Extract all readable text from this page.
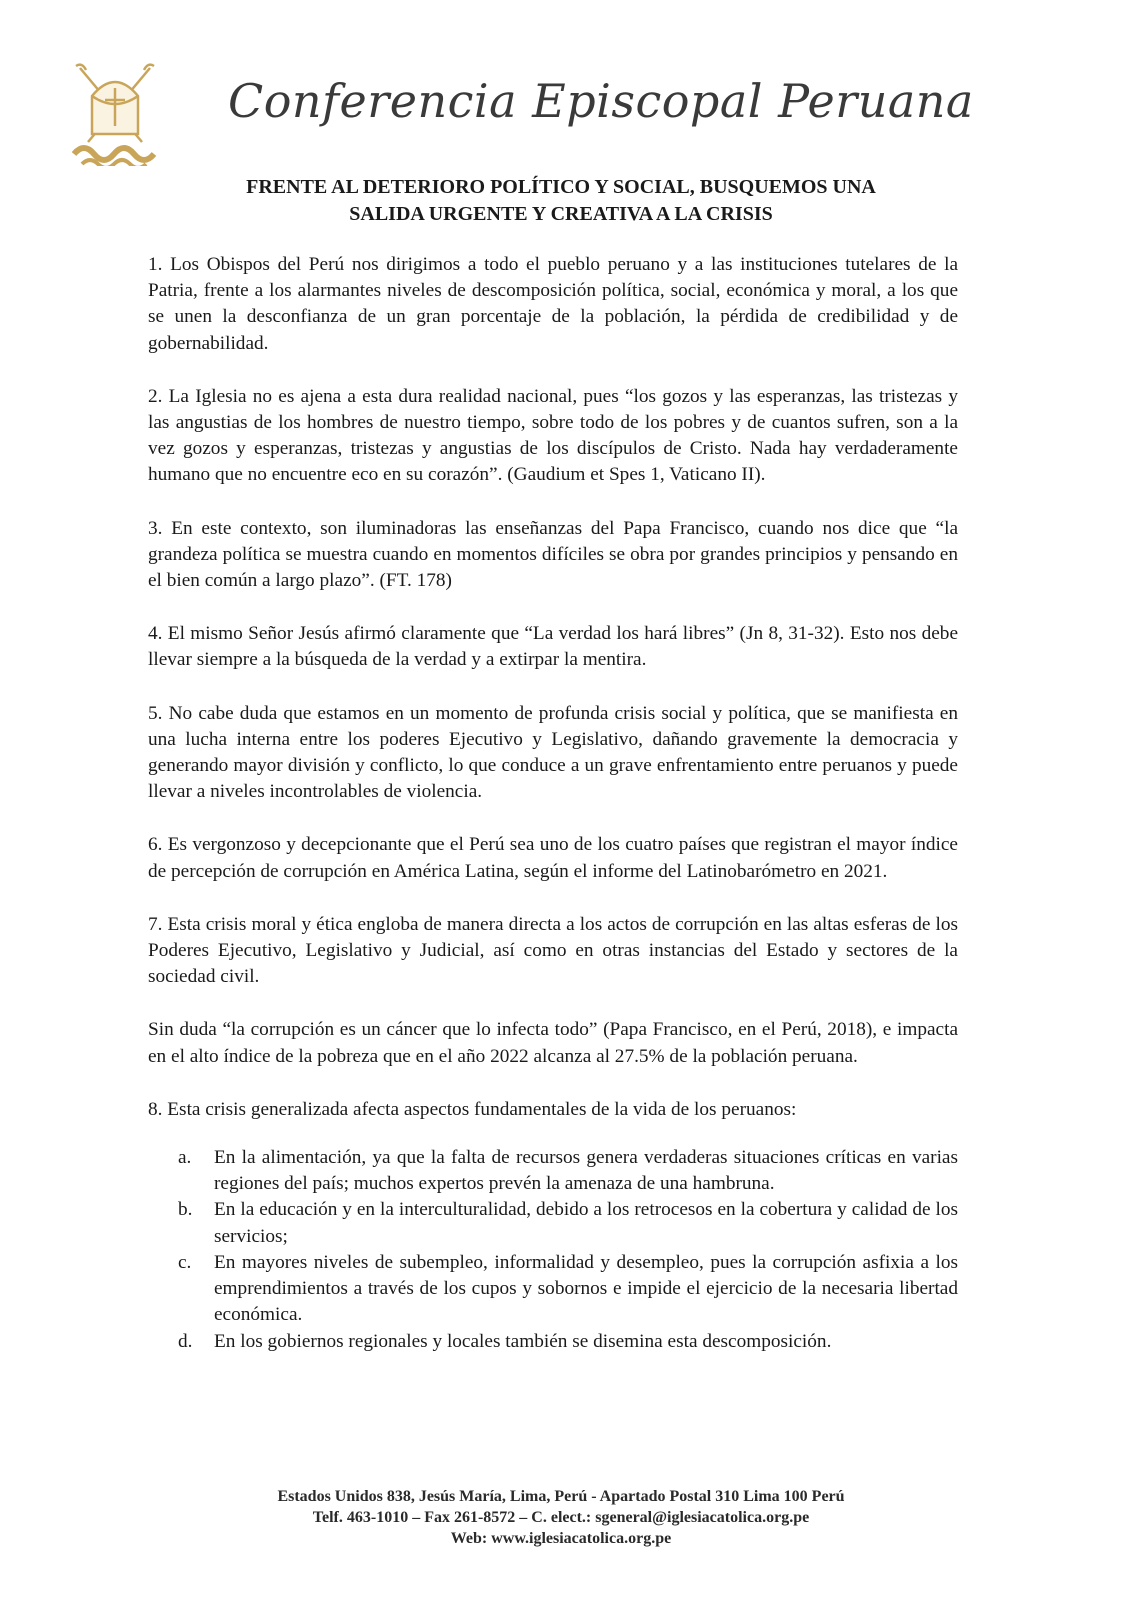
Conferencia Episcopal Peruana
FRENTE AL DETERIORO POLÍTICO Y SOCIAL, BUSQUEMOS UNA
SALIDA URGENTE Y CREATIVA A LA CRISIS

1. Los Obispos del Perú nos dirigimos a todo el pueblo peruano y a las instituciones tutelares de la Patria, frente a los alarmantes niveles de descomposición política, social, económica y moral, a los que se unen la desconfianza de un gran porcentaje de la población, la pérdida de credibilidad y de gobernabilidad.

2. La Iglesia no es ajena a esta dura realidad nacional, pues “los gozos y las esperanzas, las tristezas y las angustias de los hombres de nuestro tiempo, sobre todo de los pobres y de cuantos sufren, son a la vez gozos y esperanzas, tristezas y angustias de los discípulos de Cristo. Nada hay verdaderamente humano que no encuentre eco en su corazón”. (Gaudium et Spes 1, Vaticano II).

3. En este contexto, son iluminadoras las enseñanzas del Papa Francisco, cuando nos dice que “la grandeza política se muestra cuando en momentos difíciles se obra por grandes principios y pensando en el bien común a largo plazo”. (FT. 178)

4. El mismo Señor Jesús afirmó claramente que “La verdad los hará libres” (Jn 8, 31-32). Esto nos debe llevar siempre a la búsqueda de la verdad y a extirpar la mentira.

5. No cabe duda que estamos en un momento de profunda crisis social y política, que se manifiesta en una lucha interna entre los poderes Ejecutivo y Legislativo, dañando gravemente la democracia y generando mayor división y conflicto, lo que conduce a un grave enfrentamiento entre peruanos y puede llevar a niveles incontrolables de violencia.

6. Es vergonzoso y decepcionante que el Perú sea uno de los cuatro países que registran el mayor índice de percepción de corrupción en América Latina, según el informe del Latinobarómetro en 2021.

7. Esta crisis moral y ética engloba de manera directa a los actos de corrupción en las altas esferas de los Poderes Ejecutivo, Legislativo y Judicial, así como en otras instancias del Estado y sectores de la sociedad civil.

Sin duda “la corrupción es un cáncer que lo infecta todo” (Papa Francisco, en el Perú, 2018), e impacta en el alto índice de la pobreza que en el año 2022 alcanza al 27.5% de la población peruana.

8. Esta crisis generalizada afecta aspectos fundamentales de la vida de los peruanos:

a. En la alimentación, ya que la falta de recursos genera verdaderas situaciones críticas en varias regiones del país; muchos expertos prevén la amenaza de una hambruna.
b. En la educación y en la interculturalidad, debido a los retrocesos en la cobertura y calidad de los servicios;
c. En mayores niveles de subempleo, informalidad y desempleo, pues la corrupción asfixia a los emprendimientos a través de los cupos y sobornos e impide el ejercicio de la necesaria libertad económica.
d. En los gobiernos regionales y locales también se disemina esta descomposición.
Estados Unidos 838, Jesús María, Lima, Perú - Apartado Postal 310 Lima 100 Perú
Telf. 463-1010 – Fax 261-8572 – C. elect.: sgeneral@iglesiacatolica.org.pe
Web: www.iglesiacatolica.org.pe
